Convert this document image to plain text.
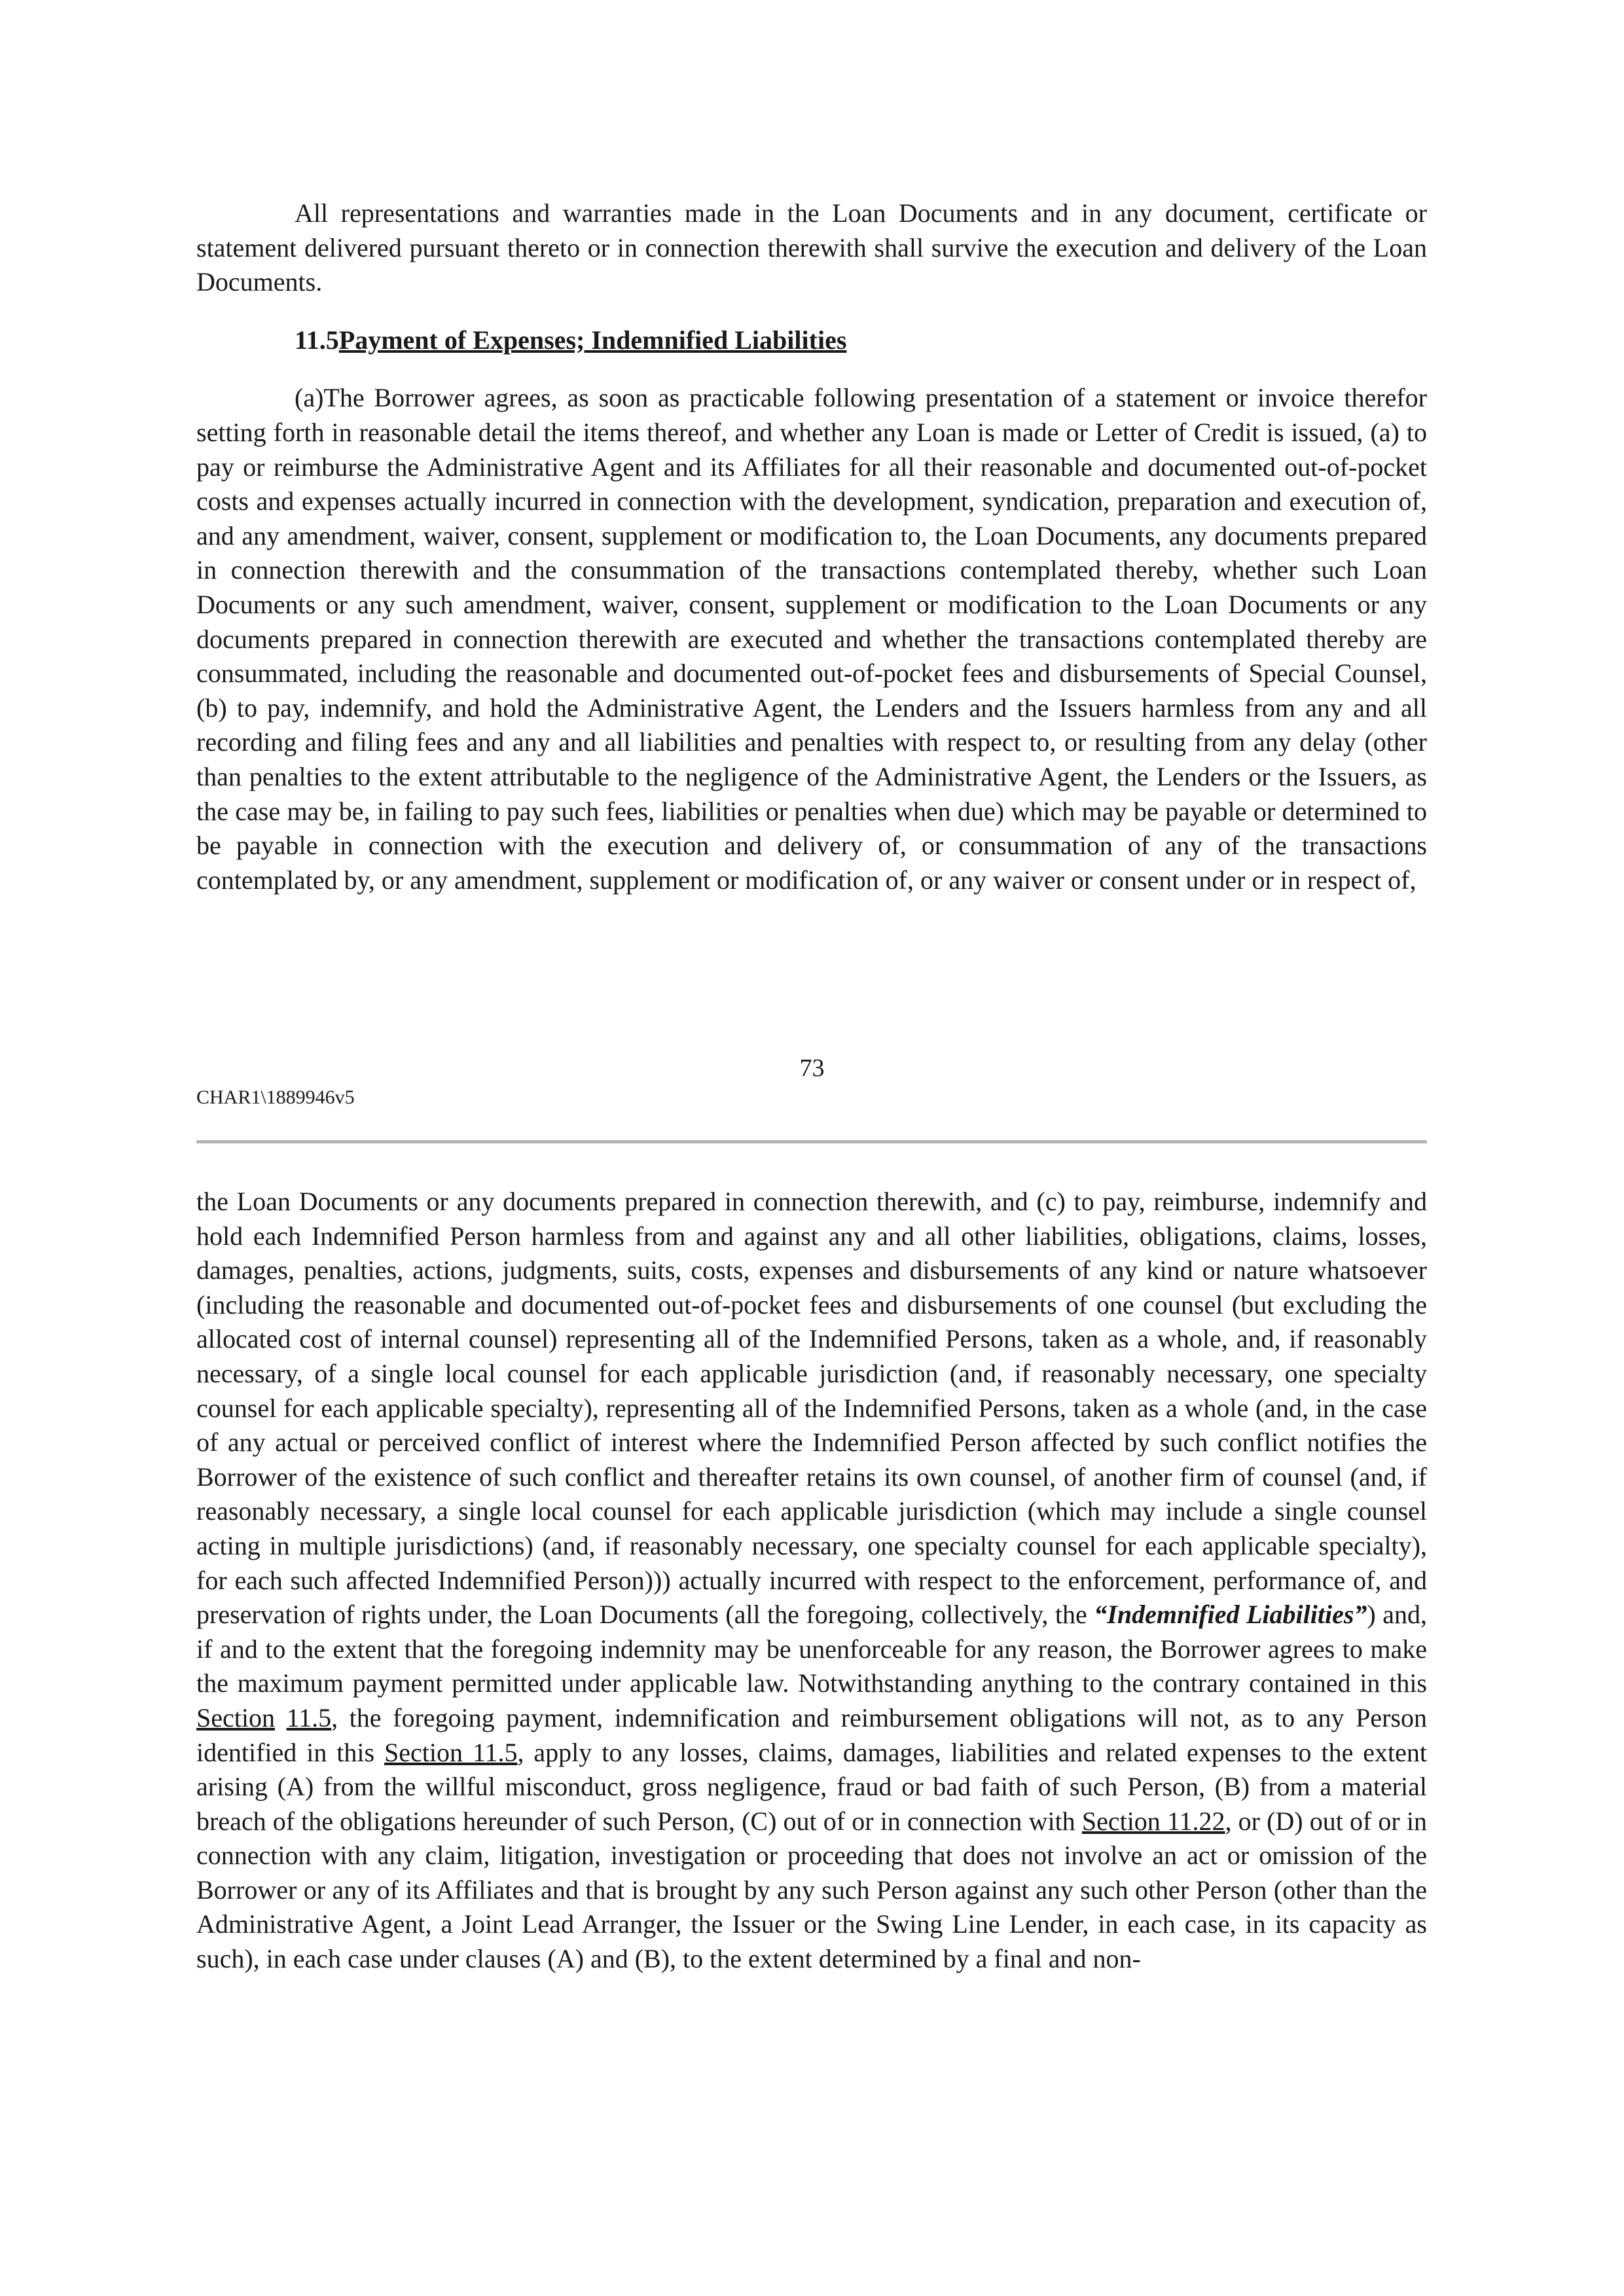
All representations and warranties made in the Loan Documents and in any document, certificate or statement delivered pursuant thereto or in connection therewith shall survive the execution and delivery of the Loan Documents.

11.5Payment of Expenses; Indemnified Liabilities

(a)The Borrower agrees, as soon as practicable following presentation of a statement or invoice therefor setting forth in reasonable detail the items thereof, and whether any Loan is made or Letter of Credit is issued, (a) to pay or reimburse the Administrative Agent and its Affiliates for all their reasonable and documented out-of-pocket costs and expenses actually incurred in connection with the development, syndication, preparation and execution of, and any amendment, waiver, consent, supplement or modification to, the Loan Documents, any documents prepared in connection therewith and the consummation of the transactions contemplated thereby, whether such Loan Documents or any such amendment, waiver, consent, supplement or modification to the Loan Documents or any documents prepared in connection therewith are executed and whether the transactions contemplated thereby are consummated, including the reasonable and documented out-of-pocket fees and disbursements of Special Counsel, (b) to pay, indemnify, and hold the Administrative Agent, the Lenders and the Issuers harmless from any and all recording and filing fees and any and all liabilities and penalties with respect to, or resulting from any delay (other than penalties to the extent attributable to the negligence of the Administrative Agent, the Lenders or the Issuers, as the case may be, in failing to pay such fees, liabilities or penalties when due) which may be payable or determined to be payable in connection with the execution and delivery of, or consummation of any of the transactions contemplated by, or any amendment, supplement or modification of, or any waiver or consent under or in respect of,

73
CHAR1\1889946v5

the Loan Documents or any documents prepared in connection therewith, and (c) to pay, reimburse, indemnify and hold each Indemnified Person harmless from and against any and all other liabilities, obligations, claims, losses, damages, penalties, actions, judgments, suits, costs, expenses and disbursements of any kind or nature whatsoever (including the reasonable and documented out-of-pocket fees and disbursements of one counsel (but excluding the allocated cost of internal counsel) representing all of the Indemnified Persons, taken as a whole, and, if reasonably necessary, of a single local counsel for each applicable jurisdiction (and, if reasonably necessary, one specialty counsel for each applicable specialty), representing all of the Indemnified Persons, taken as a whole (and, in the case of any actual or perceived conflict of interest where the Indemnified Person affected by such conflict notifies the Borrower of the existence of such conflict and thereafter retains its own counsel, of another firm of counsel (and, if reasonably necessary, a single local counsel for each applicable jurisdiction (which may include a single counsel acting in multiple jurisdictions) (and, if reasonably necessary, one specialty counsel for each applicable specialty), for each such affected Indemnified Person))) actually incurred with respect to the enforcement, performance of, and preservation of rights under, the Loan Documents (all the foregoing, collectively, the “Indemnified Liabilities”) and, if and to the extent that the foregoing indemnity may be unenforceable for any reason, the Borrower agrees to make the maximum payment permitted under applicable law. Notwithstanding anything to the contrary contained in this Section 11.5, the foregoing payment, indemnification and reimbursement obligations will not, as to any Person identified in this Section 11.5, apply to any losses, claims, damages, liabilities and related expenses to the extent arising (A) from the willful misconduct, gross negligence, fraud or bad faith of such Person, (B) from a material breach of the obligations hereunder of such Person, (C) out of or in connection with Section 11.22, or (D) out of or in connection with any claim, litigation, investigation or proceeding that does not involve an act or omission of the Borrower or any of its Affiliates and that is brought by any such Person against any such other Person (other than the Administrative Agent, a Joint Lead Arranger, the Issuer or the Swing Line Lender, in each case, in its capacity as such), in each case under clauses (A) and (B), to the extent determined by a final and non-
